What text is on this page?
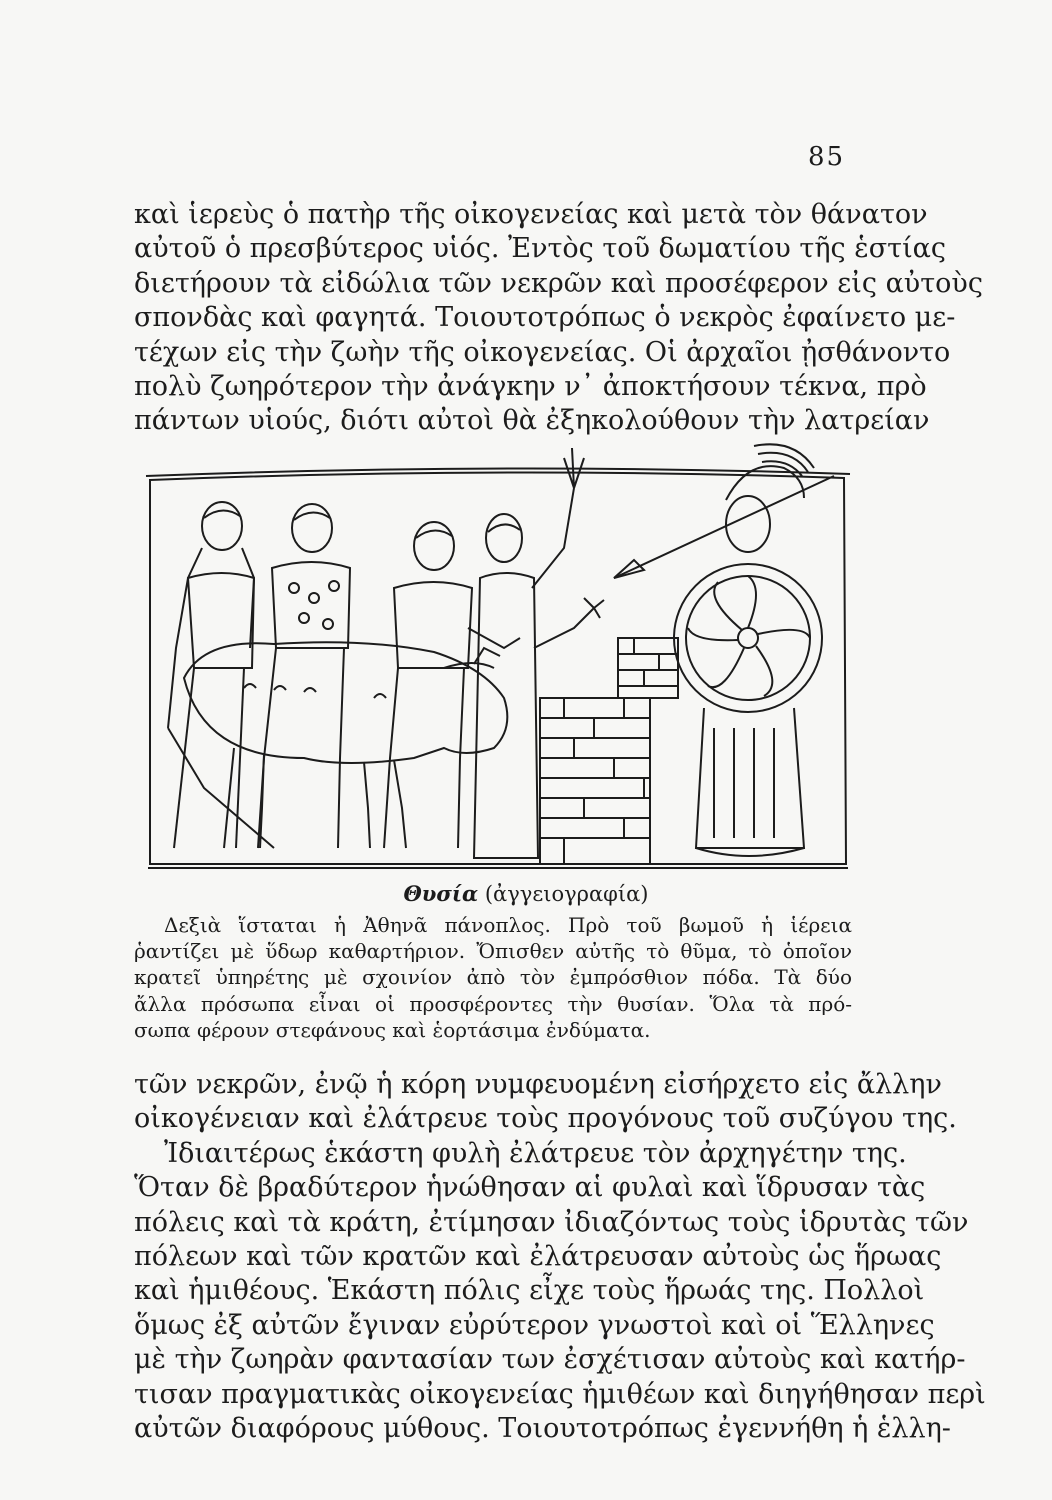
85
καὶ ἱερεὺς ὁ πατὴρ τῆς οἰκογενείας καὶ μετὰ τὸν θάνατον
αὐτοῦ ὁ πρεσβύτερος υἱός. Ἐντὸς τοῦ δωματίου τῆς ἑστίας
διετήρουν τὰ εἰδώλια τῶν νεκρῶν καὶ προσέφερον εἰς αὐτοὺς
σπονδὰς καὶ φαγητά. Τοιουτοτρόπως ὁ νεκρὸς ἐφαίνετο με-
τέχων εἰς τὴν ζωὴν τῆς οἰκογενείας. Οἱ ἀρχαῖοι ᾐσθάνοντο
πολὺ ζωηρότερον τὴν ἀνάγκην ν᾿ ἀποκτήσουν τέκνα, πρὸ
πάντων υἱούς, διότι αὐτοὶ θὰ ἐξηκολούθουν τὴν λατρείαν
Θυσία (ἀγγειογραφία)
Δεξιὰ ἵσταται ἡ Ἀθηνᾶ πάνοπλος. Πρὸ τοῦ βωμοῦ ἡ ἱέρεια
ῥαντίζει μὲ ὕδωρ καθαρτήριον. Ὄπισθεν αὐτῆς τὸ θῦμα, τὸ ὁποῖον
κρατεῖ ὑπηρέτης μὲ σχοινίον ἀπὸ τὸν ἐμπρόσθιον πόδα. Τὰ δύο
ἄλλα πρόσωπα εἶναι οἱ προσφέροντες τὴν θυσίαν. Ὅλα τὰ πρό-
σωπα φέρουν στεφάνους καὶ ἑορτάσιμα ἐνδύματα.
τῶν νεκρῶν, ἐνῷ ἡ κόρη νυμφευομένη εἰσήρχετο εἰς ἄλλην
οἰκογένειαν καὶ ἐλάτρευε τοὺς προγόνους τοῦ συζύγου της.
Ἰδιαιτέρως ἑκάστη φυλὴ ἐλάτρευε τὸν ἀρχηγέτην της.
Ὅταν δὲ βραδύτερον ἡνώθησαν αἱ φυλαὶ καὶ ἵδρυσαν τὰς
πόλεις καὶ τὰ κράτη, ἐτίμησαν ἰδιαζόντως τοὺς ἱδρυτὰς τῶν
πόλεων καὶ τῶν κρατῶν καὶ ἐλάτρευσαν αὐτοὺς ὡς ἥρωας
καὶ ἡμιθέους. Ἑκάστη πόλις εἶχε τοὺς ἥρωάς της. Πολλοὶ
ὅμως ἐξ αὐτῶν ἔγιναν εὐρύτερον γνωστοὶ καὶ οἱ Ἕλληνες
μὲ τὴν ζωηρὰν φαντασίαν των ἐσχέτισαν αὐτοὺς καὶ κατήρ-
τισαν πραγματικὰς οἰκογενείας ἡμιθέων καὶ διηγήθησαν περὶ
αὐτῶν διαφόρους μύθους. Τοιουτοτρόπως ἐγεννήθη ἡ ἑλλη-
